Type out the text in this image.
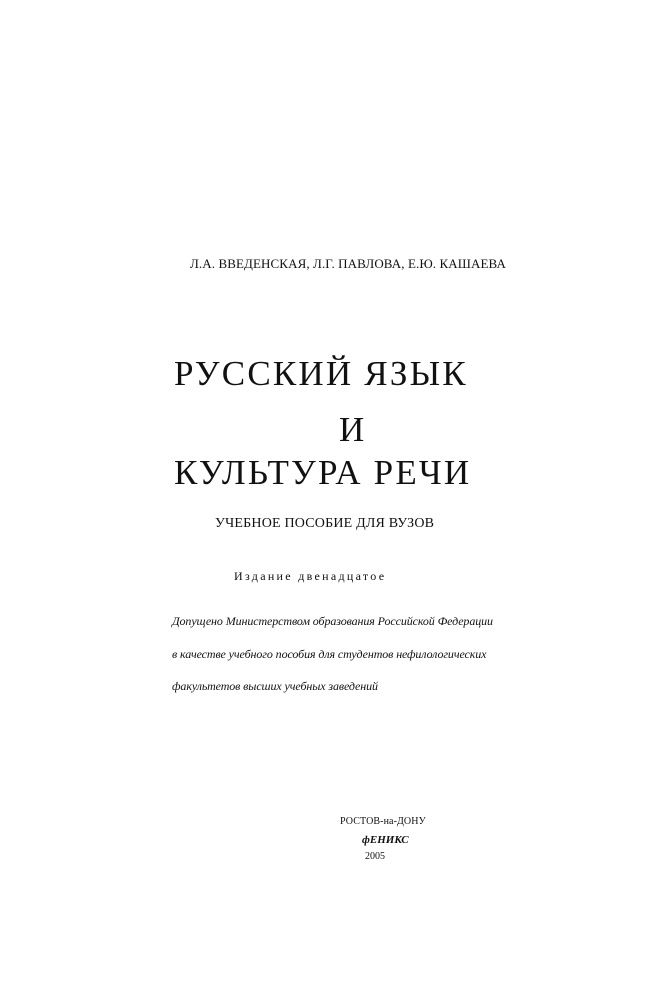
Л.А. ВВЕДЕНСКАЯ, Л.Г. ПАВЛОВА, Е.Ю. КАШАЕВА
РУССКИЙ ЯЗЫК
И
КУЛЬТУРА РЕЧИ
УЧЕБНОЕ ПОСОБИЕ ДЛЯ ВУЗОВ
Издание двенадцатое
Допущено Министерством образования Российской Федерации
в качестве учебного пособия для студентов нефилологических
факультетов высших учебных заведений
РОСТОВ-на-ДОНУ
фЕНИКС
2005
